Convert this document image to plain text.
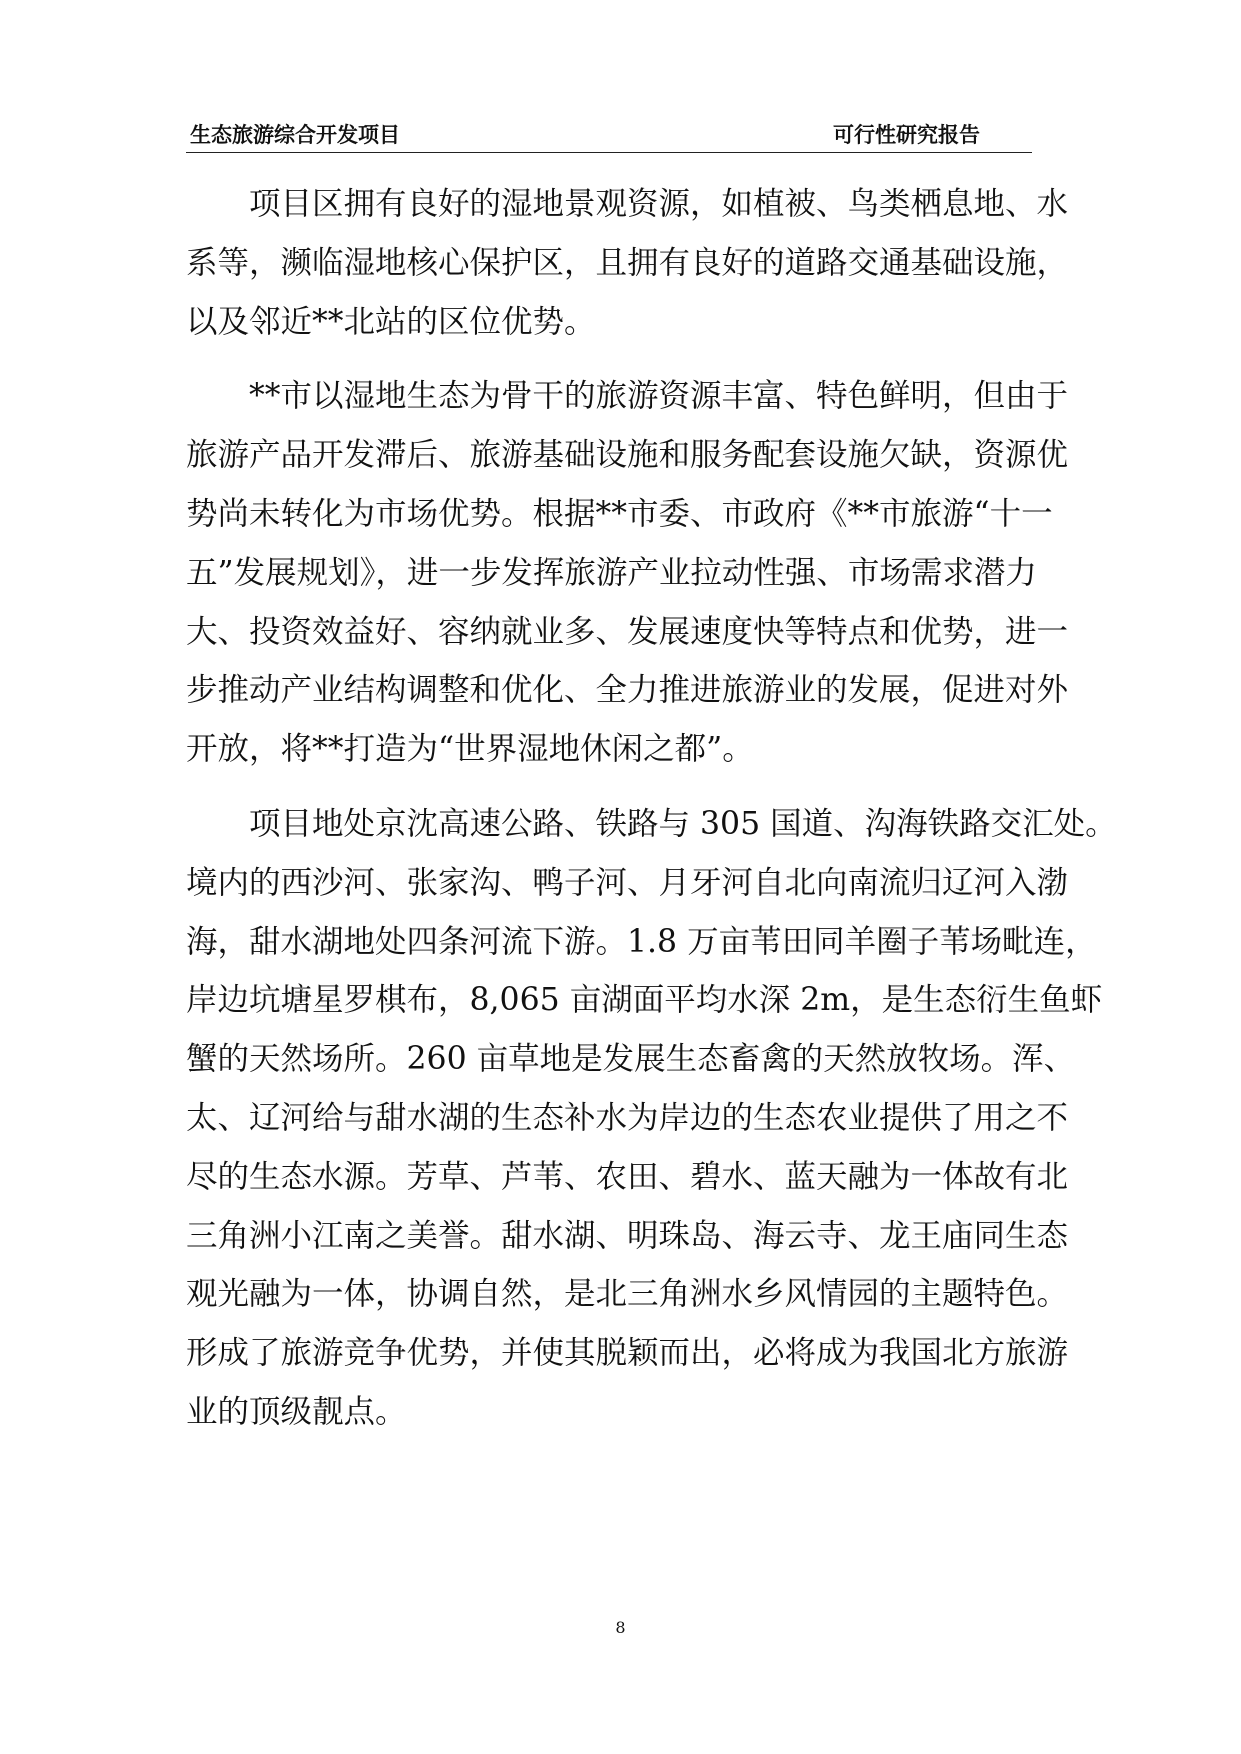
生态旅游综合开发项目	可行性研究报告

项目区拥有良好的湿地景观资源，如植被、鸟类栖息地、水
系等，濒临湿地核心保护区，且拥有良好的道路交通基础设施，
以及邻近**北站的区位优势。

**市以湿地生态为骨干的旅游资源丰富、特色鲜明，但由于
旅游产品开发滞后、旅游基础设施和服务配套设施欠缺，资源优
势尚未转化为市场优势。根据**市委、市政府《**市旅游“十一
五”发展规划》，进一步发挥旅游产业拉动性强、市场需求潜力
大、投资效益好、容纳就业多、发展速度快等特点和优势，进一
步推动产业结构调整和优化、全力推进旅游业的发展，促进对外
开放，将**打造为“世界湿地休闲之都”。

项目地处京沈高速公路、铁路与 305 国道、沟海铁路交汇处。
境内的西沙河、张家沟、鸭子河、月牙河自北向南流归辽河入渤
海，甜水湖地处四条河流下游。1.8 万亩苇田同羊圈子苇场毗连，
岸边坑塘星罗棋布，8,065 亩湖面平均水深 2m，是生态衍生鱼虾
蟹的天然场所。260 亩草地是发展生态畜禽的天然放牧场。浑、
太、辽河给与甜水湖的生态补水为岸边的生态农业提供了用之不
尽的生态水源。芳草、芦苇、农田、碧水、蓝天融为一体故有北
三角洲小江南之美誉。甜水湖、明珠岛、海云寺、龙王庙同生态
观光融为一体，协调自然，是北三角洲水乡风情园的主题特色。
形成了旅游竞争优势，并使其脱颖而出，必将成为我国北方旅游
业的顶级靓点。

8
